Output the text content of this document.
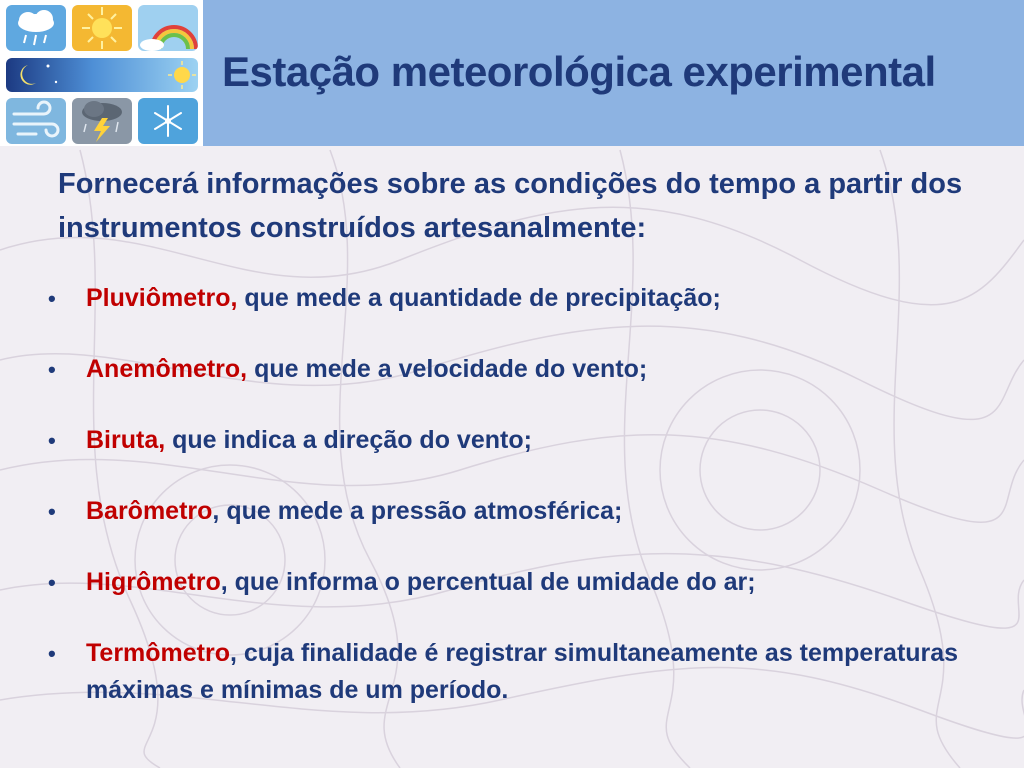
Estação meteorológica experimental

Fornecerá informações sobre as condições do tempo a partir dos instrumentos construídos artesanalmente:

• Pluviômetro, que mede a quantidade de precipitação;
• Anemômetro, que mede a velocidade do vento;
• Biruta, que indica a direção do vento;
• Barômetro, que mede a pressão atmosférica;
• Higrômetro, que informa o percentual de umidade do ar;
• Termômetro, cuja finalidade é registrar simultaneamente as temperaturas máximas e mínimas de um período.
